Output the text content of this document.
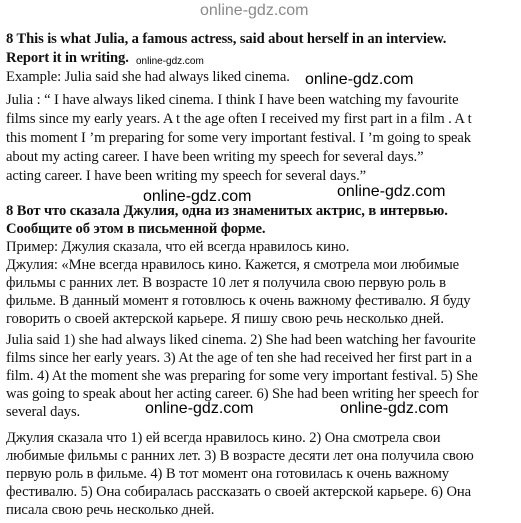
online-gdz.com
8 This is what Julia, a famous actress, said about herself in an interview.
Report it in writing. online-gdz.com
Example: Julia said she had always liked cinema. online-gdz.com
Julia : “ I have always liked cinema. I think I have been watching my favourite
films since my early years. A t the age often I received my first part in a film . A t
this moment I ’m preparing for some very important festival. I ’m going to speak
about my acting career. I have been writing my speech for several days.”
acting career. I have been writing my speech for several days.”
online-gdz.com	online-gdz.com
8 Вот что сказала Джулия, одна из знаменитых актрис, в интервью.
Сообщите об этом в письменной форме.
Пример: Джулия сказала, что ей всегда нравилось кино.
Джулия: «Мне всегда нравилось кино. Кажется, я смотрела мои любимые
фильмы с ранних лет. В возрасте 10 лет я получила свою первую роль в
фильме. В данный момент я готовлюсь к очень важному фестивалю. Я буду
говорить о своей актерской карьере. Я пишу свою речь несколько дней.
Julia said 1) she had always liked cinema. 2) She had been watching her favourite
films since her early years. 3) At the age of ten she had received her first part in a
film. 4) At the moment she was preparing for some very important festival. 5) She
was going to speak about her acting career. 6) She had been writing her speech for
several days.	online-gdz.com	online-gdz.com
Джулия сказала что 1) ей всегда нравилось кино. 2) Она смотрела свои
любимые фильмы с ранних лет. 3) В возрасте десяти лет она получила свою
первую роль в фильме. 4) В тот момент она готовилась к очень важному
фестивалю. 5) Она собиралась рассказать о своей актерской карьере. 6) Она
писала свою речь несколько дней.
